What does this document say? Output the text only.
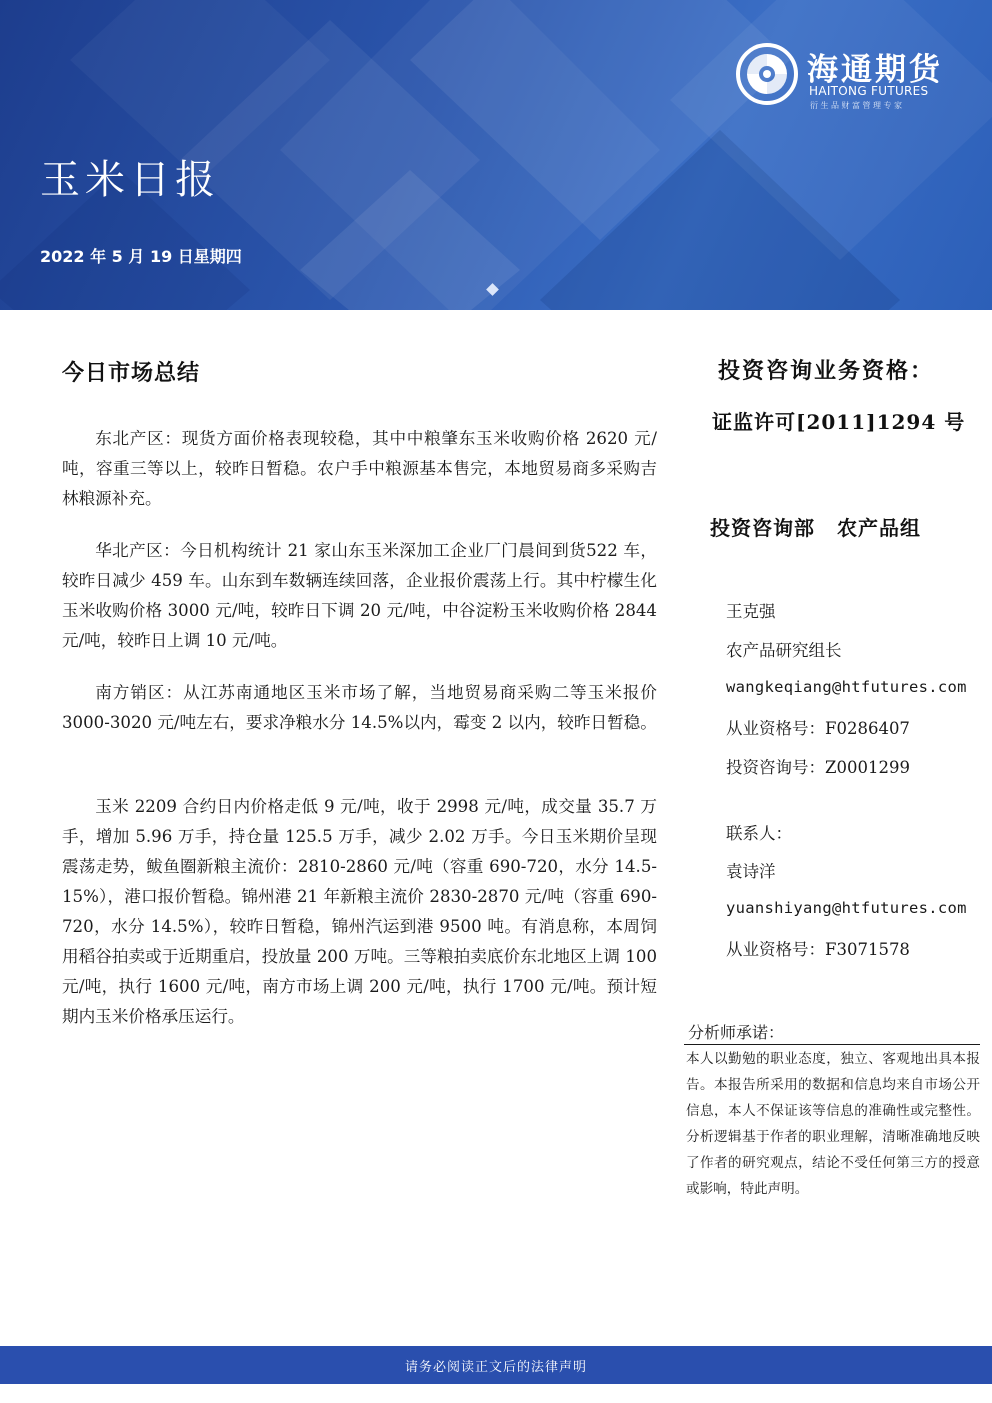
海通期货
HAITONG FUTURES
衍生品财富管理专家
玉米日报
2022 年 5 月 19 日星期四
今日市场总结

东北产区：现货方面价格表现较稳，其中中粮肇东玉米收购价格 2620 元/吨，容重三等以上，较昨日暂稳。农户手中粮源基本售完，本地贸易商多采购吉林粮源补充。

华北产区：今日机构统计 21 家山东玉米深加工企业厂门晨间到货522 车，较昨日减少 459 车。山东到车数辆连续回落，企业报价震荡上行。其中柠檬生化玉米收购价格 3000 元/吨，较昨日下调 20 元/吨，中谷淀粉玉米收购价格 2844 元/吨，较昨日上调 10 元/吨。

南方销区：从江苏南通地区玉米市场了解，当地贸易商采购二等玉米报价 3000-3020 元/吨左右，要求净粮水分 14.5%以内，霉变 2 以内，较昨日暂稳。

玉米 2209 合约日内价格走低 9 元/吨，收于 2998 元/吨，成交量 35.7 万手，增加 5.96 万手，持仓量 125.5 万手，减少 2.02 万手。今日玉米期价呈现震荡走势，鲅鱼圈新粮主流价：2810-2860 元/吨（容重 690-720，水分 14.5-15%），港口报价暂稳。锦州港 21 年新粮主流价 2830-2870 元/吨（容重 690-720，水分 14.5%），较昨日暂稳，锦州汽运到港 9500 吨。有消息称，本周饲用稻谷拍卖或于近期重启，投放量 200 万吨。三等粮拍卖底价东北地区上调 100 元/吨，执行 1600 元/吨，南方市场上调 200 元/吨，执行 1700 元/吨。预计短期内玉米价格承压运行。

投资咨询业务资格：
证监许可[2011]1294 号
投资咨询部 农产品组
王克强
农产品研究组长
wangkeqiang@htfutures.com
从业资格号：F0286407
投资咨询号：Z0001299
联系人：
袁诗洋
yuanshiyang@htfutures.com
从业资格号：F3071578
分析师承诺：

本人以勤勉的职业态度，独立、客观地出具本报告。本报告所采用的数据和信息均来自市场公开信息，本人不保证该等信息的准确性或完整性。分析逻辑基于作者的职业理解，清晰准确地反映了作者的研究观点，结论不受任何第三方的授意或影响，特此声明。

请务必阅读正文后的法律声明
